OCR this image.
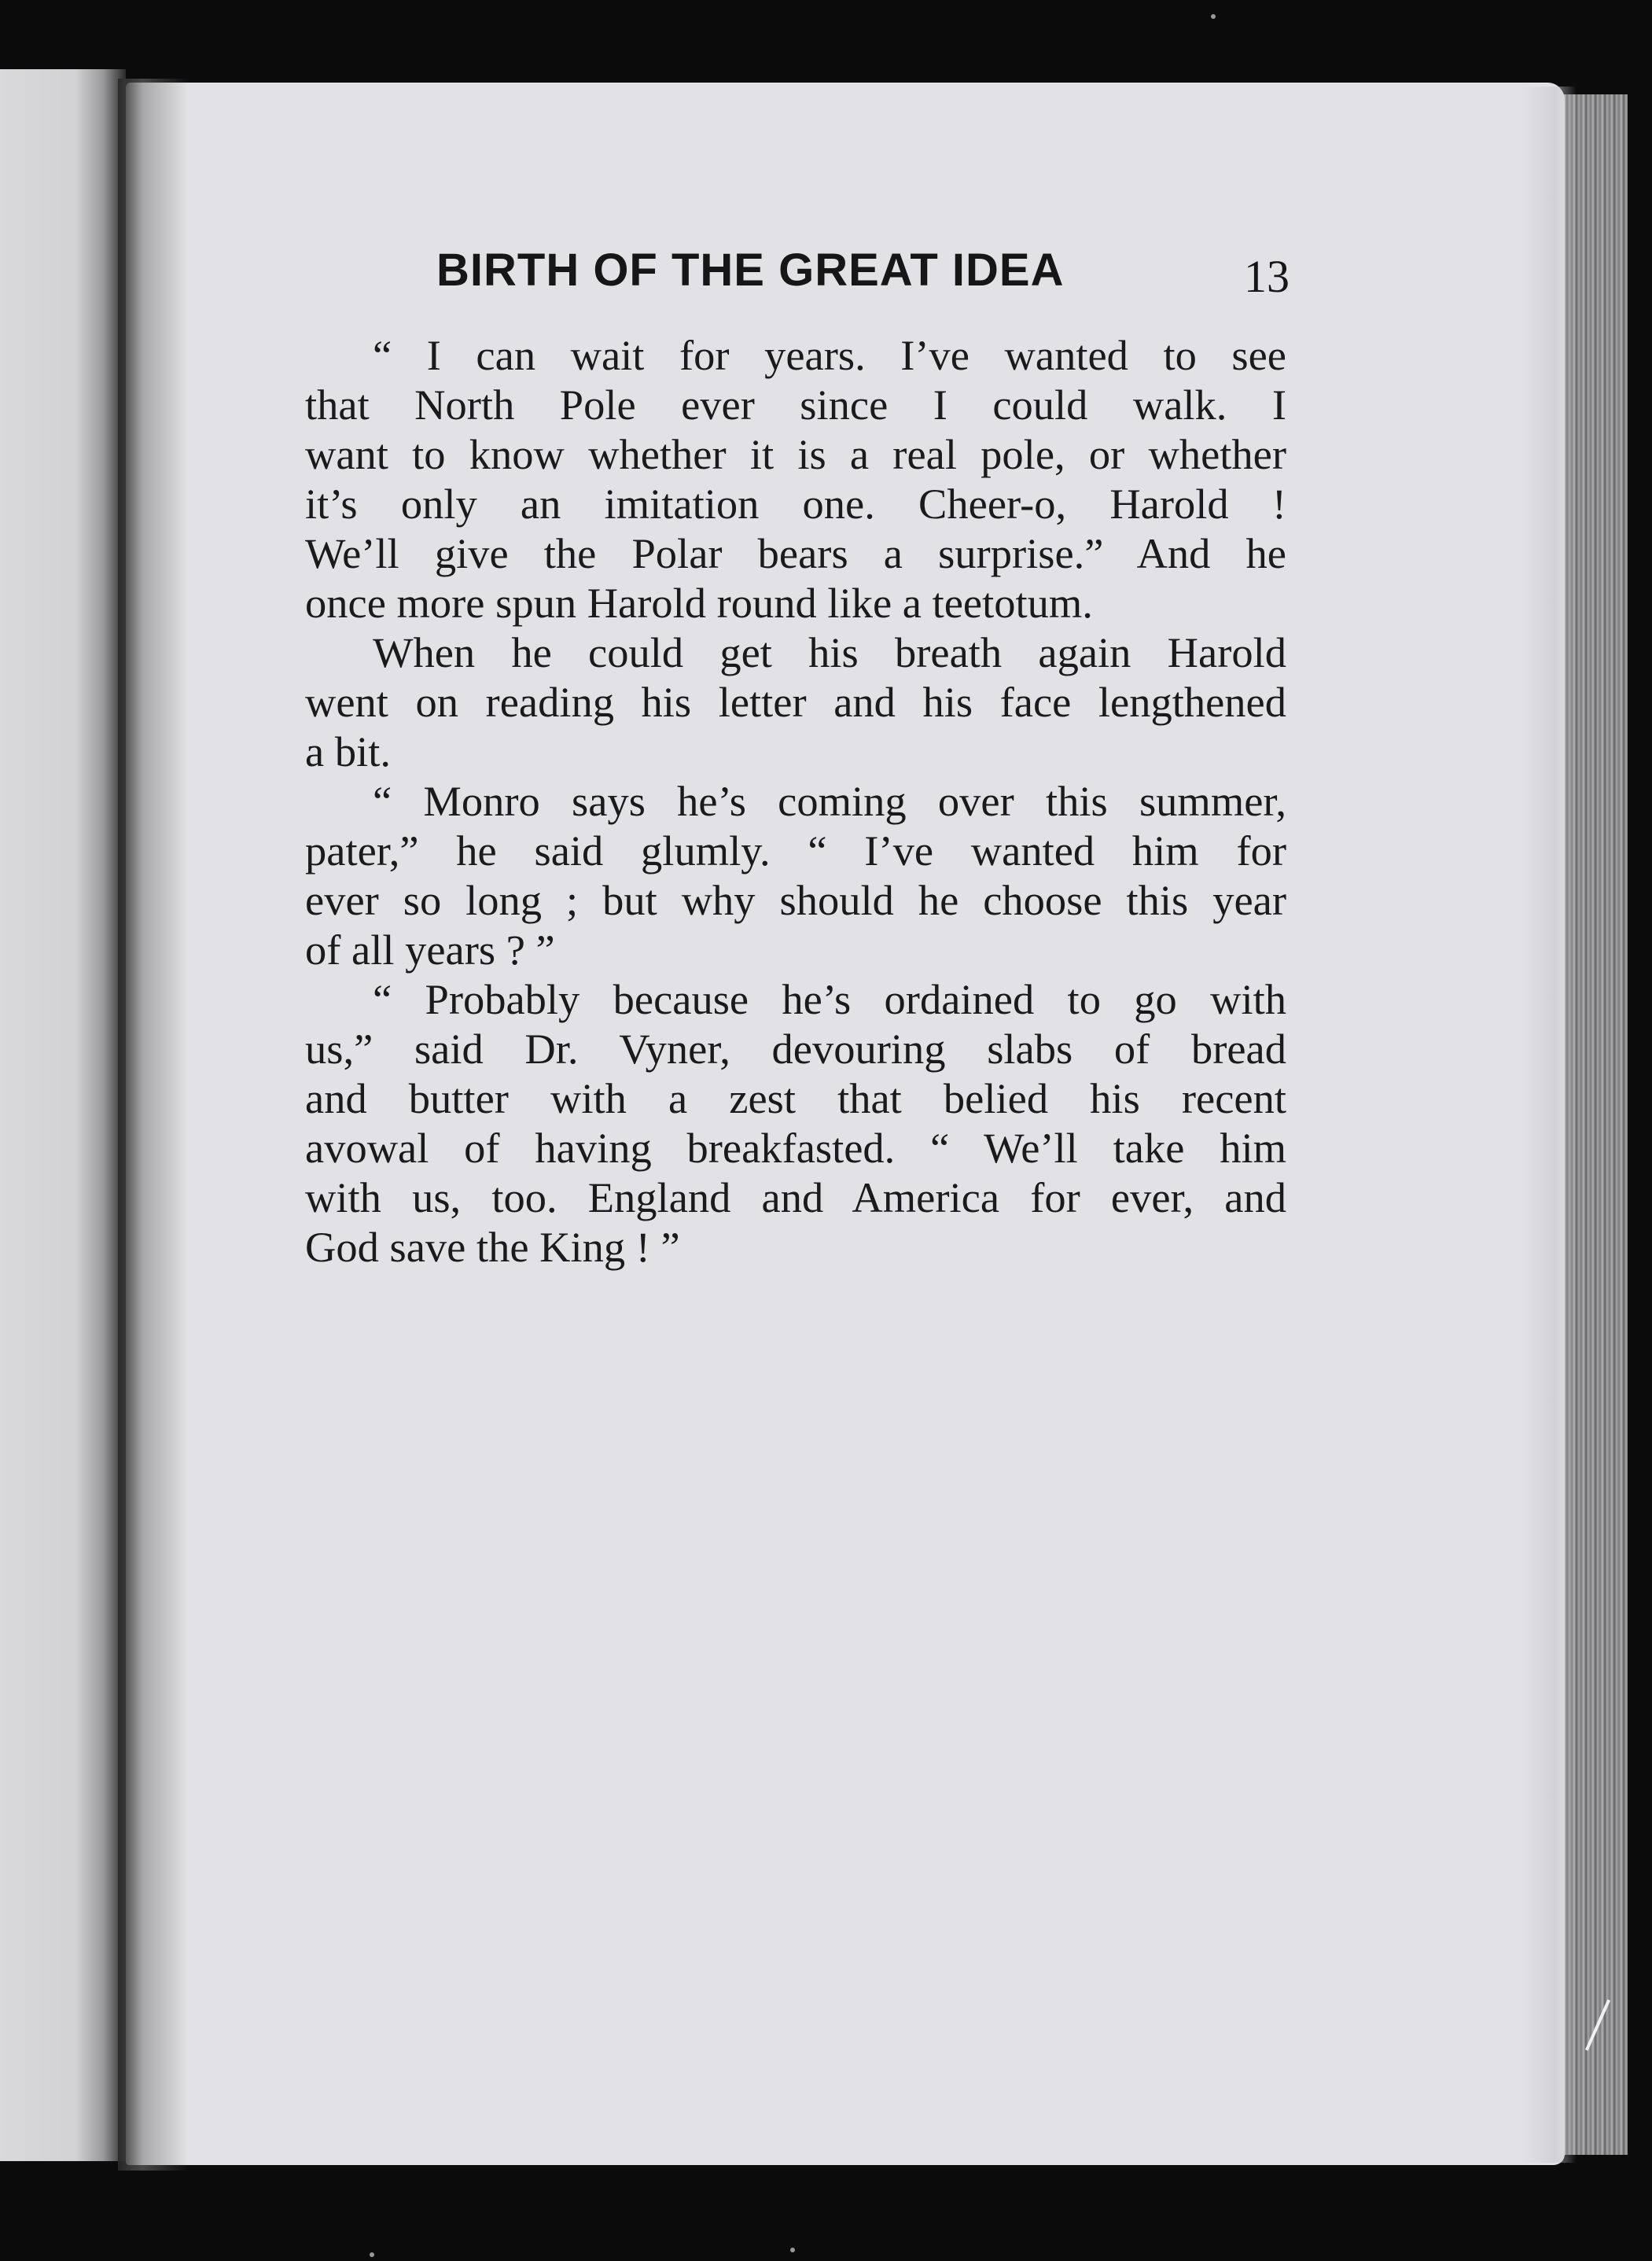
BIRTH OF THE GREAT IDEA	13
“ I can wait for years. I’ve wanted to see
that North Pole ever since I could walk. I
want to know whether it is a real pole, or whether
it’s only an imitation one. Cheer-o, Harold !
We’ll give the Polar bears a surprise.” And he
once more spun Harold round like a teetotum.
When he could get his breath again Harold
went on reading his letter and his face lengthened
a bit.
“ Monro says he’s coming over this summer,
pater,” he said glumly. “ I’ve wanted him for
ever so long ; but why should he choose this year
of all years ? ”
“ Probably because he’s ordained to go with
us,” said Dr. Vyner, devouring slabs of bread
and butter with a zest that belied his recent
avowal of having breakfasted. “ We’ll take him
with us, too. England and America for ever, and
God save the King ! ”
